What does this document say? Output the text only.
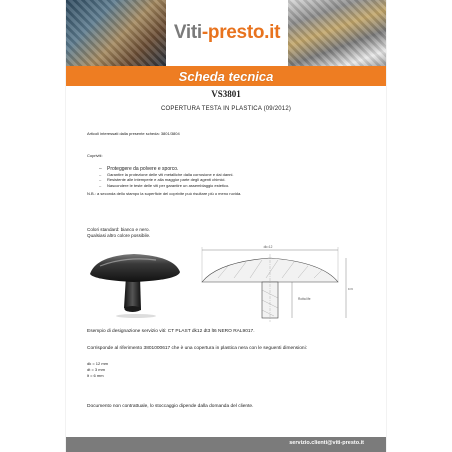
Viti-presto.it
Scheda tecnica
VS3801
COPERTURA TESTA IN PLASTICA (09/2012)
Articoli interessati dalla presente scheda: 3801/3804
Copriviti:
– Proteggere da polvere e sporco.
– Garantire la protezione delle viti metalliche dalla corrosione e dai danni.
– Resistente alle intemperie e alla maggior parte degli agenti chimici.
– Nascondere le teste delle viti per garantire un assemblaggio estetico.
N.B.: a seconda dello stampo la superficie del coprivite può risultare più o meno ruvida.
Colori standard: bianco e nero.
Qualsiasi altro colore possibile.
dk=12
Rotta life
lt=6
Esempio di designazione servizio viti: CT PLAST dk12 dt3 lt6 NERO RAL9017.
Corrisponde al riferimento 3801000617 che è una copertura in plastica nera con le seguenti dimensioni:
dk = 12 mm
dt = 3 mm
lt = 6 mm
Documento non contrattuale, lo stoccaggio dipende dalla domanda del cliente.
servizio.clienti@viti-presto.it
